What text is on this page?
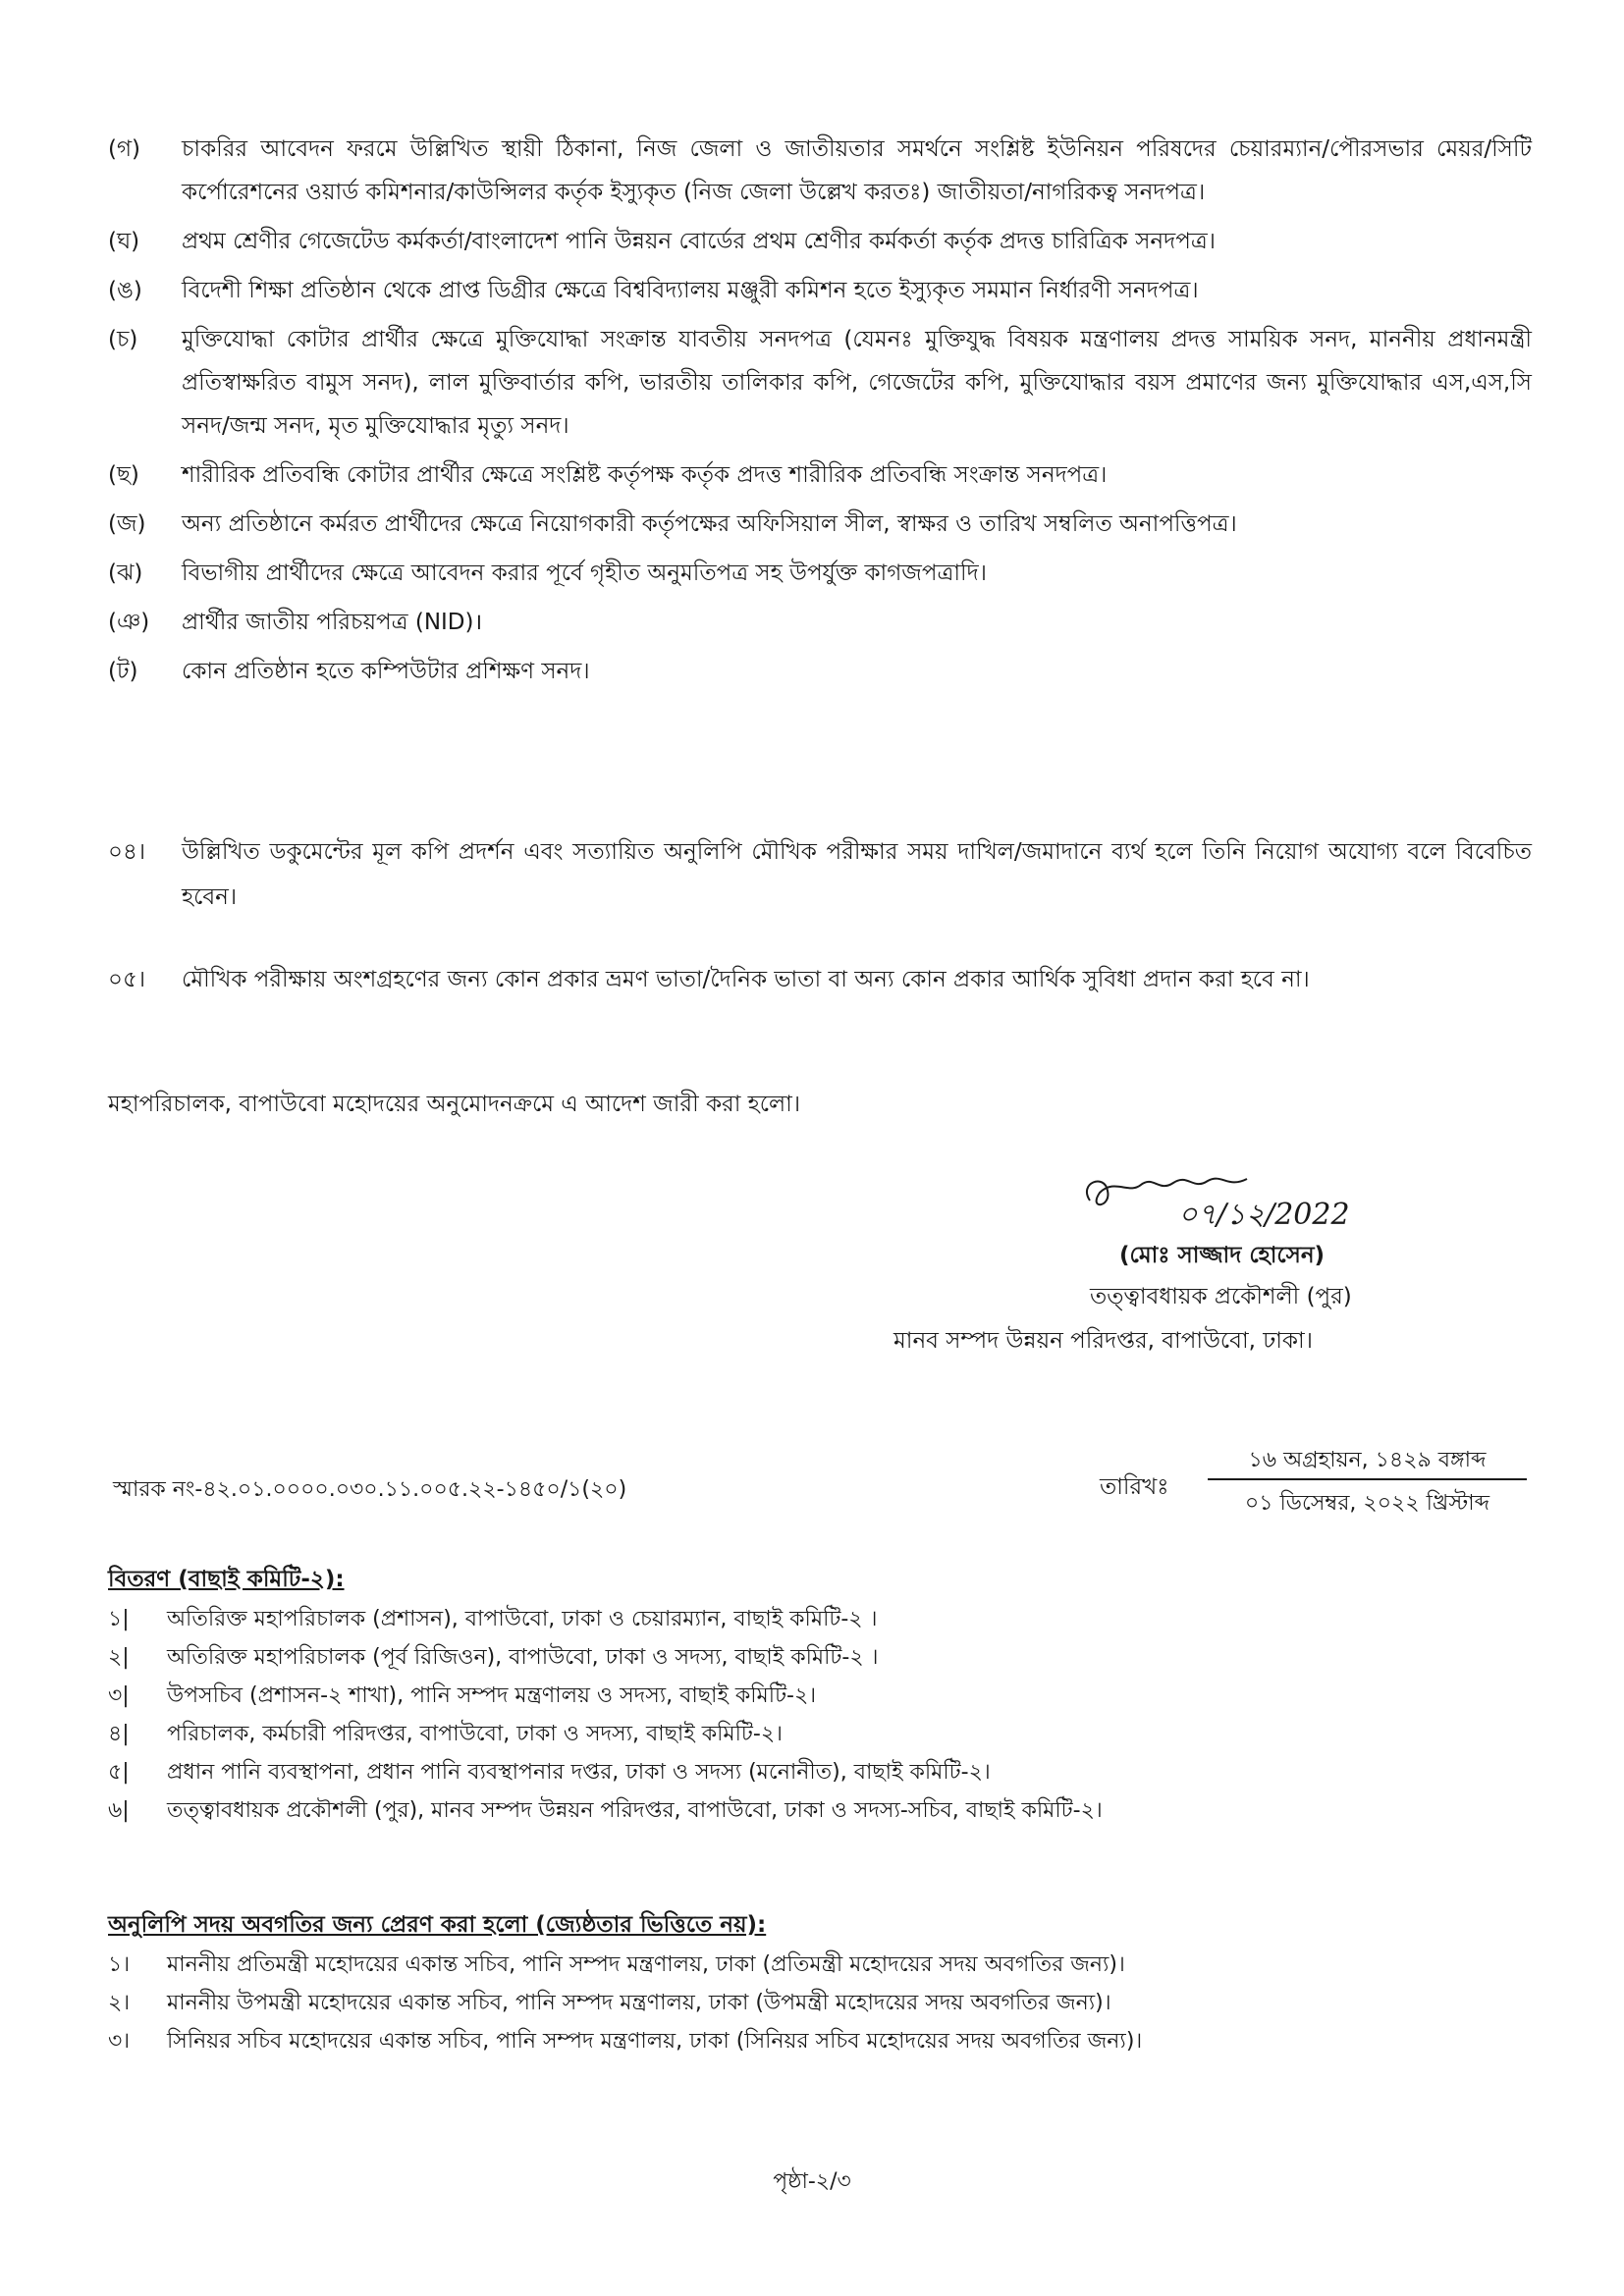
(গ)	চাকরির আবেদন ফরমে উল্লিখিত স্থায়ী ঠিকানা, নিজ জেলা ও জাতীয়তার সমর্থনে সংশ্লিষ্ট ইউনিয়ন পরিষদের চেয়ারম্যান/পৌরসভার মেয়র/সিটি কর্পোরেশনের ওয়ার্ড কমিশনার/কাউন্সিলর কর্তৃক ইস্যুকৃত (নিজ জেলা উল্লেখ করতঃ) জাতীয়তা/নাগরিকত্ব সনদপত্র।
(ঘ)	প্রথম শ্রেণীর গেজেটেড কর্মকর্তা/বাংলাদেশ পানি উন্নয়ন বোর্ডের প্রথম শ্রেণীর কর্মকর্তা কর্তৃক প্রদত্ত চারিত্রিক সনদপত্র।
(ঙ)	বিদেশী শিক্ষা প্রতিষ্ঠান থেকে প্রাপ্ত ডিগ্রীর ক্ষেত্রে বিশ্ববিদ্যালয় মঞ্জুরী কমিশন হতে ইস্যুকৃত সমমান নির্ধারণী সনদপত্র।
(চ)	মুক্তিযোদ্ধা কোটার প্রার্থীর ক্ষেত্রে মুক্তিযোদ্ধা সংক্রান্ত যাবতীয় সনদপত্র (যেমনঃ মুক্তিযুদ্ধ বিষয়ক মন্ত্রণালয় প্রদত্ত সাময়িক সনদ, মাননীয় প্রধানমন্ত্রী প্রতিস্বাক্ষরিত বামুস সনদ), লাল মুক্তিবার্তার কপি, ভারতীয় তালিকার কপি, গেজেটের কপি, মুক্তিযোদ্ধার বয়স প্রমাণের জন্য মুক্তিযোদ্ধার এস,এস,সি সনদ/জন্ম সনদ, মৃত মুক্তিযোদ্ধার মৃত্যু সনদ।
(ছ)	শারীরিক প্রতিবন্ধি কোটার প্রার্থীর ক্ষেত্রে সংশ্লিষ্ট কর্তৃপক্ষ কর্তৃক প্রদত্ত শারীরিক প্রতিবন্ধি সংক্রান্ত সনদপত্র।
(জ)	অন্য প্রতিষ্ঠানে কর্মরত প্রার্থীদের ক্ষেত্রে নিয়োগকারী কর্তৃপক্ষের অফিসিয়াল সীল, স্বাক্ষর ও তারিখ সম্বলিত অনাপত্তিপত্র।
(ঝ)	বিভাগীয় প্রার্থীদের ক্ষেত্রে আবেদন করার পূর্বে গৃহীত অনুমতিপত্র সহ উপর্যুক্ত কাগজপত্রাদি।
(ঞ)	প্রার্থীর জাতীয় পরিচয়পত্র (NID)।
(ট)	কোন প্রতিষ্ঠান হতে কম্পিউটার প্রশিক্ষণ সনদ।
০৪।	উল্লিখিত ডকুমেন্টের মূল কপি প্রদর্শন এবং সত্যায়িত অনুলিপি মৌখিক পরীক্ষার সময় দাখিল/জমাদানে ব্যর্থ হলে তিনি নিয়োগ অযোগ্য বলে বিবেচিত হবেন।
০৫।	মৌখিক পরীক্ষায় অংশগ্রহণের জন্য কোন প্রকার ভ্রমণ ভাতা/দৈনিক ভাতা বা অন্য কোন প্রকার আর্থিক সুবিধা প্রদান করা হবে না।
মহাপরিচালক, বাপাউবো মহোদয়ের অনুমোদনক্রমে এ আদেশ জারী করা হলো।
০৭/১২/2022
(মোঃ সাজ্জাদ হোসেন)
তত্ত্বাবধায়ক প্রকৌশলী (পুর)
মানব সম্পদ উন্নয়ন পরিদপ্তর, বাপাউবো, ঢাকা।
স্মারক নং-৪২.০১.০০০০.০৩০.১১.০০৫.২২-১৪৫০/১(২০)	তারিখঃ
১৬ অগ্রহায়ন, ১৪২৯ বঙ্গাব্দ
০১ ডিসেম্বর, ২০২২ খ্রিস্টাব্দ
বিতরণ (বাছাই কমিটি-২):
১|	অতিরিক্ত মহাপরিচালক (প্রশাসন), বাপাউবো, ঢাকা ও চেয়ারম্যান, বাছাই কমিটি-২ ।
২|	অতিরিক্ত মহাপরিচালক (পূর্ব রিজিওন), বাপাউবো, ঢাকা ও সদস্য, বাছাই কমিটি-২ ।
৩|	উপসচিব (প্রশাসন-২ শাখা), পানি সম্পদ মন্ত্রণালয় ও সদস্য, বাছাই কমিটি-২।
৪|	পরিচালক, কর্মচারী পরিদপ্তর, বাপাউবো, ঢাকা ও সদস্য, বাছাই কমিটি-২।
৫|	প্রধান পানি ব্যবস্থাপনা, প্রধান পানি ব্যবস্থাপনার দপ্তর, ঢাকা ও সদস্য (মনোনীত), বাছাই কমিটি-২।
৬|	তত্ত্বাবধায়ক প্রকৌশলী (পুর), মানব সম্পদ উন্নয়ন পরিদপ্তর, বাপাউবো, ঢাকা ও সদস্য-সচিব, বাছাই কমিটি-২।
অনুলিপি সদয় অবগতির জন্য প্রেরণ করা হলো (জ্যেষ্ঠতার ভিত্তিতে নয়):
১।	মাননীয় প্রতিমন্ত্রী মহোদয়ের একান্ত সচিব, পানি সম্পদ মন্ত্রণালয়, ঢাকা (প্রতিমন্ত্রী মহোদয়ের সদয় অবগতির জন্য)।
২।	মাননীয় উপমন্ত্রী মহোদয়ের একান্ত সচিব, পানি সম্পদ মন্ত্রণালয়, ঢাকা (উপমন্ত্রী মহোদয়ের সদয় অবগতির জন্য)।
৩।	সিনিয়র সচিব মহোদয়ের একান্ত সচিব, পানি সম্পদ মন্ত্রণালয়, ঢাকা (সিনিয়র সচিব মহোদয়ের সদয় অবগতির জন্য)।
পৃষ্ঠা-২/৩
